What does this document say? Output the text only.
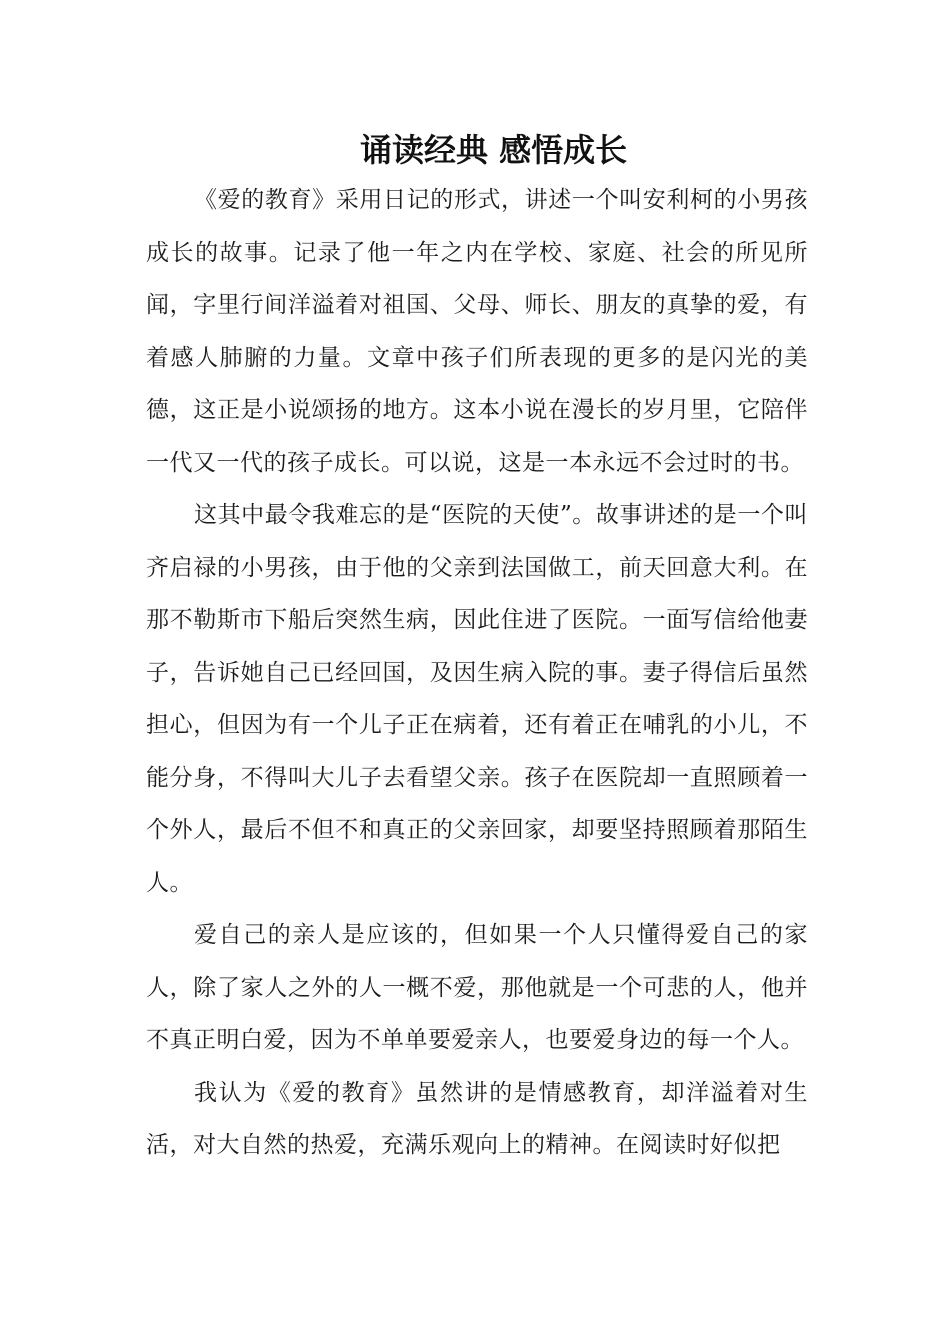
诵读经典 感悟成长

《爱的教育》采用日记的形式，讲述一个叫安利柯的小男孩成长的故事。记录了他一年之内在学校、家庭、社会的所见所闻，字里行间洋溢着对祖国、父母、师长、朋友的真挚的爱，有着感人肺腑的力量。文章中孩子们所表现的更多的是闪光的美德，这正是小说颂扬的地方。这本小说在漫长的岁月里，它陪伴一代又一代的孩子成长。可以说，这是一本永远不会过时的书。

这其中最令我难忘的是“医院的天使”。故事讲述的是一个叫齐启禄的小男孩，由于他的父亲到法国做工，前天回意大利。在那不勒斯市下船后突然生病，因此住进了医院。一面写信给他妻子，告诉她自己已经回国，及因生病入院的事。妻子得信后虽然担心，但因为有一个儿子正在病着，还有着正在哺乳的小儿，不能分身，不得叫大儿子去看望父亲。孩子在医院却一直照顾着一个外人，最后不但不和真正的父亲回家，却要坚持照顾着那陌生人。

爱自己的亲人是应该的，但如果一个人只懂得爱自己的家人，除了家人之外的人一概不爱，那他就是一个可悲的人，他并不真正明白爱，因为不单单要爱亲人，也要爱身边的每一个人。

我认为《爱的教育》虽然讲的是情感教育，却洋溢着对生活，对大自然的热爱，充满乐观向上的精神。在阅读时好似把
